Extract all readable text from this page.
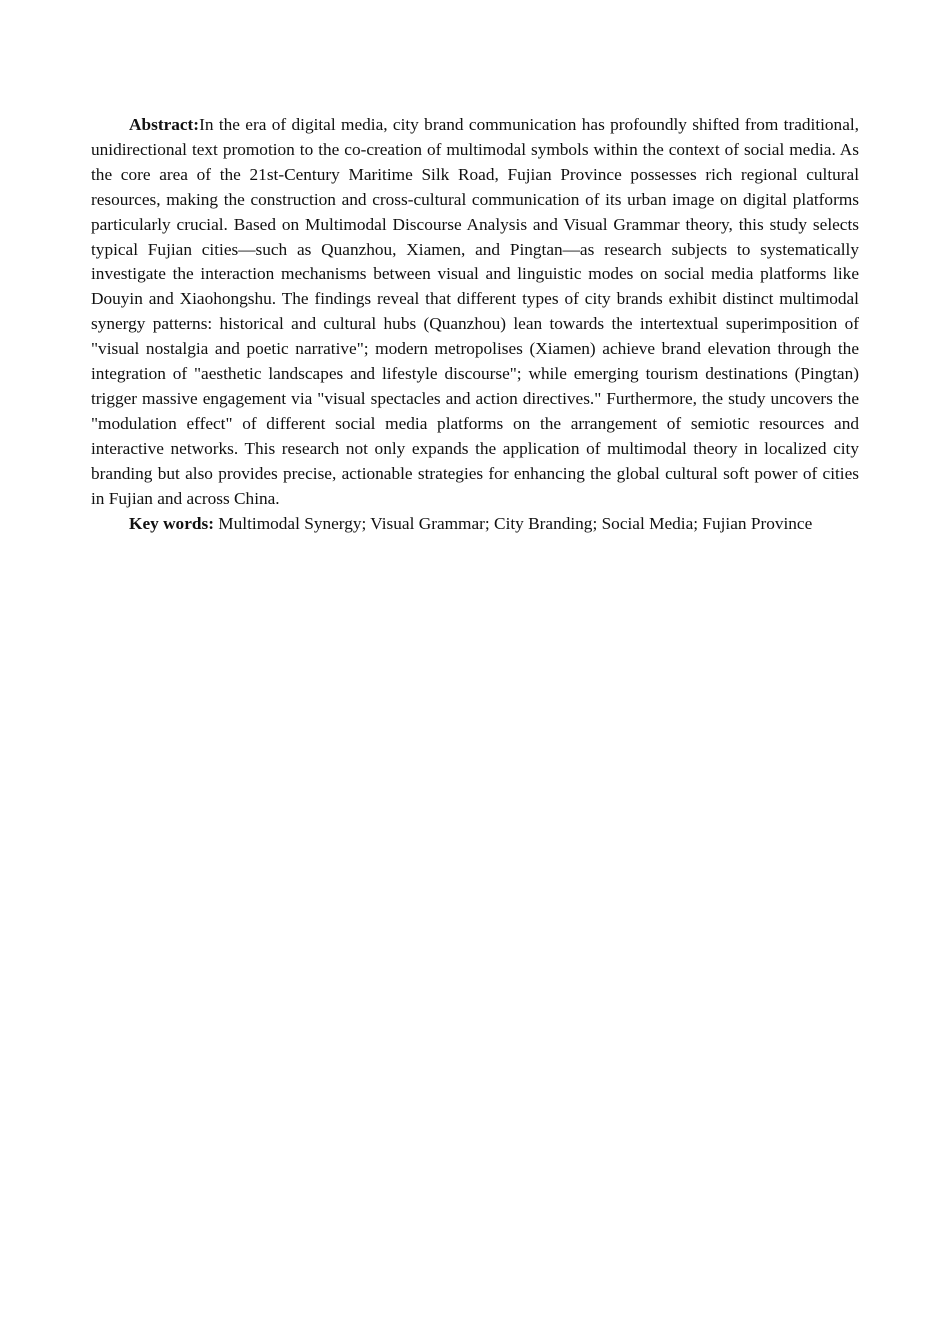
Abstract:In the era of digital media, city brand communication has profoundly shifted from traditional, unidirectional text promotion to the co-creation of multimodal symbols within the context of social media. As the core area of the 21st-Century Maritime Silk Road, Fujian Province possesses rich regional cultural resources, making the construction and cross-cultural communication of its urban image on digital platforms particularly crucial. Based on Multimodal Discourse Analysis and Visual Grammar theory, this study selects typical Fujian cities—such as Quanzhou, Xiamen, and Pingtan—as research subjects to systematically investigate the interaction mechanisms between visual and linguistic modes on social media platforms like Douyin and Xiaohongshu. The findings reveal that different types of city brands exhibit distinct multimodal synergy patterns: historical and cultural hubs (Quanzhou) lean towards the intertextual superimposition of "visual nostalgia and poetic narrative"; modern metropolises (Xiamen) achieve brand elevation through the integration of "aesthetic landscapes and lifestyle discourse"; while emerging tourism destinations (Pingtan) trigger massive engagement via "visual spectacles and action directives." Furthermore, the study uncovers the "modulation effect" of different social media platforms on the arrangement of semiotic resources and interactive networks. This research not only expands the application of multimodal theory in localized city branding but also provides precise, actionable strategies for enhancing the global cultural soft power of cities in Fujian and across China.

Key words: Multimodal Synergy; Visual Grammar; City Branding; Social Media; Fujian Province
